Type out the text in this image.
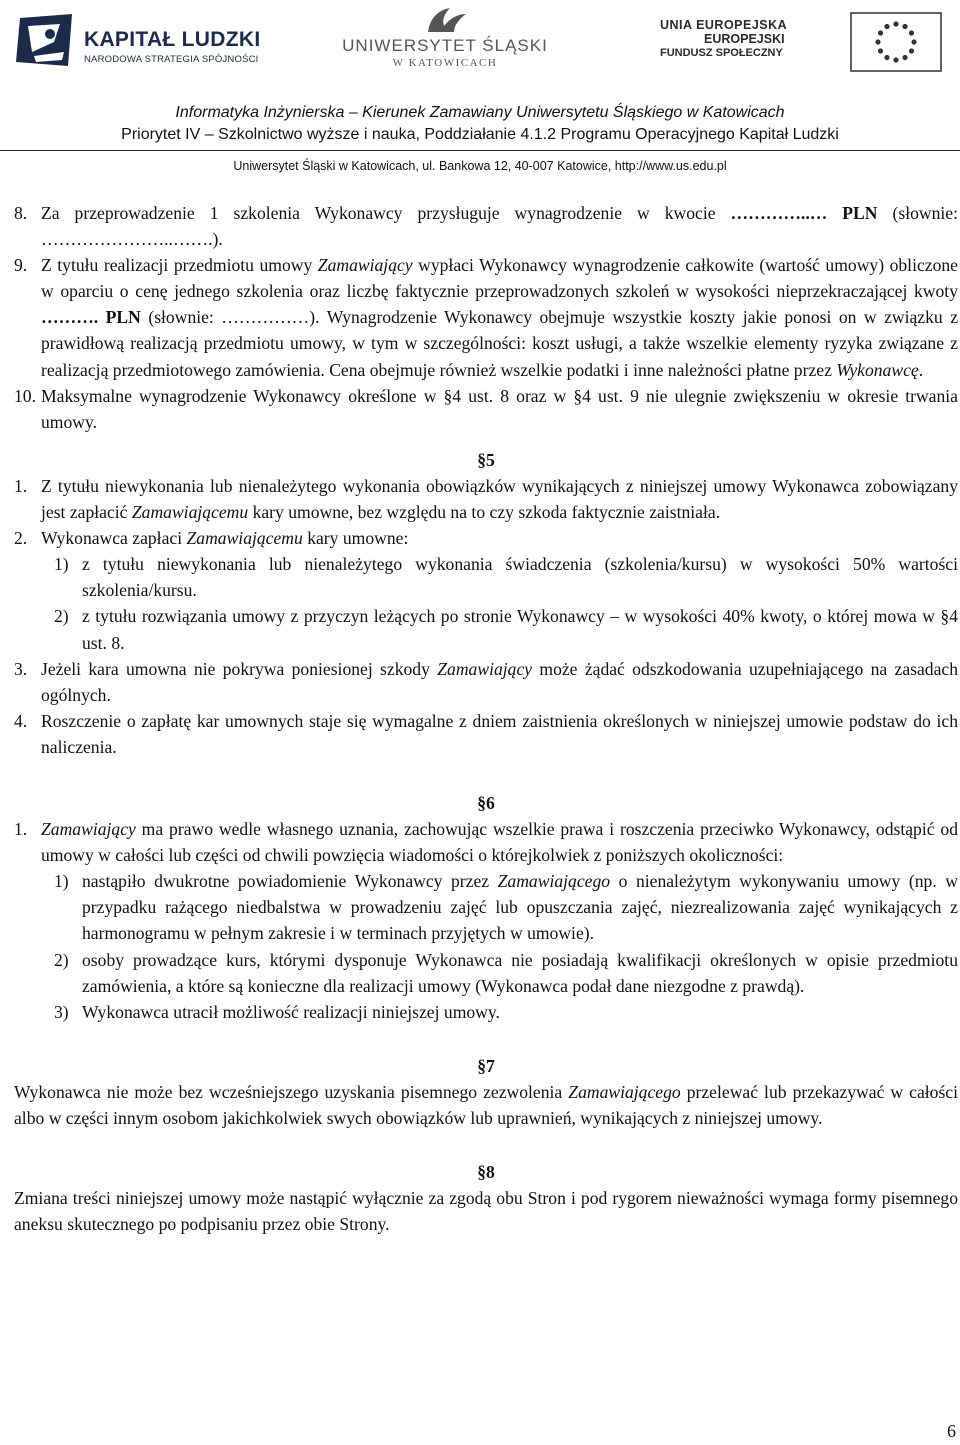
KAPITAŁ LUDZKI
NARODOWA STRATEGIA SPÓJNOŚCI
UNIWERSYTET ŚLĄSKI
W KATOWICACH
UNIA EUROPEJSKA
EUROPEJSKI
FUNDUSZ SPOŁECZNY
Informatyka Inżynierska – Kierunek Zamawiany Uniwersytetu Śląskiego w Katowicach
Priorytet IV – Szkolnictwo wyższe i nauka, Poddziałanie 4.1.2 Programu Operacyjnego Kapitał Ludzki
Uniwersytet Śląski w Katowicach, ul. Bankowa 12, 40-007 Katowice, http://www.us.edu.pl
8. Za przeprowadzenie 1 szkolenia Wykonawcy przysługuje wynagrodzenie w kwocie …………..… PLN (słownie: …………………..…….).
9. Z tytułu realizacji przedmiotu umowy Zamawiający wypłaci Wykonawcy wynagrodzenie całkowite (wartość umowy) obliczone w oparciu o cenę jednego szkolenia oraz liczbę faktycznie przeprowadzonych szkoleń w wysokości nieprzekraczającej kwoty ………. PLN (słownie: ……………). Wynagrodzenie Wykonawcy obejmuje wszystkie koszty jakie ponosi on w związku z prawidłową realizacją przedmiotu umowy, w tym w szczególności: koszt usługi, a także wszelkie elementy ryzyka związane z realizacją przedmiotowego zamówienia. Cena obejmuje również wszelkie podatki i inne należności płatne przez Wykonawcę.
10. Maksymalne wynagrodzenie Wykonawcy określone w §4 ust. 8 oraz w §4 ust. 9 nie ulegnie zwiększeniu w okresie trwania umowy.
§5
1. Z tytułu niewykonania lub nienależytego wykonania obowiązków wynikających z niniejszej umowy Wykonawca zobowiązany jest zapłacić Zamawiającemu kary umowne, bez względu na to czy szkoda faktycznie zaistniała.
2. Wykonawca zapłaci Zamawiającemu kary umowne:
1) z tytułu niewykonania lub nienależytego wykonania świadczenia (szkolenia/kursu) w wysokości 50% wartości szkolenia/kursu.
2) z tytułu rozwiązania umowy z przyczyn leżących po stronie Wykonawcy – w wysokości 40% kwoty, o której mowa w §4 ust. 8.
3. Jeżeli kara umowna nie pokrywa poniesionej szkody Zamawiający może żądać odszkodowania uzupełniającego na zasadach ogólnych.
4. Roszczenie o zapłatę kar umownych staje się wymagalne z dniem zaistnienia określonych w niniejszej umowie podstaw do ich naliczenia.
§6
1. Zamawiający ma prawo wedle własnego uznania, zachowując wszelkie prawa i roszczenia przeciwko Wykonawcy, odstąpić od umowy w całości lub części od chwili powzięcia wiadomości o którejkolwiek z poniższych okoliczności:
1) nastąpiło dwukrotne powiadomienie Wykonawcy przez Zamawiającego o nienależytym wykonywaniu umowy (np. w przypadku rażącego niedbalstwa w prowadzeniu zajęć lub opuszczania zajęć, niezrealizowania zajęć wynikających z harmonogramu w pełnym zakresie i w terminach przyjętych w umowie).
2) osoby prowadzące kurs, którymi dysponuje Wykonawca nie posiadają kwalifikacji określonych w opisie przedmiotu zamówienia, a które są konieczne dla realizacji umowy (Wykonawca podał dane niezgodne z prawdą).
3) Wykonawca utracił możliwość realizacji niniejszej umowy.
§7

Wykonawca nie może bez wcześniejszego uzyskania pisemnego zezwolenia Zamawiającego przelewać lub przekazywać w całości albo w części innym osobom jakichkolwiek swych obowiązków lub uprawnień, wynikających z niniejszej umowy.

§8

Zmiana treści niniejszej umowy może nastąpić wyłącznie za zgodą obu Stron i pod rygorem nieważności wymaga formy pisemnego aneksu skutecznego po podpisaniu przez obie Strony.

6
